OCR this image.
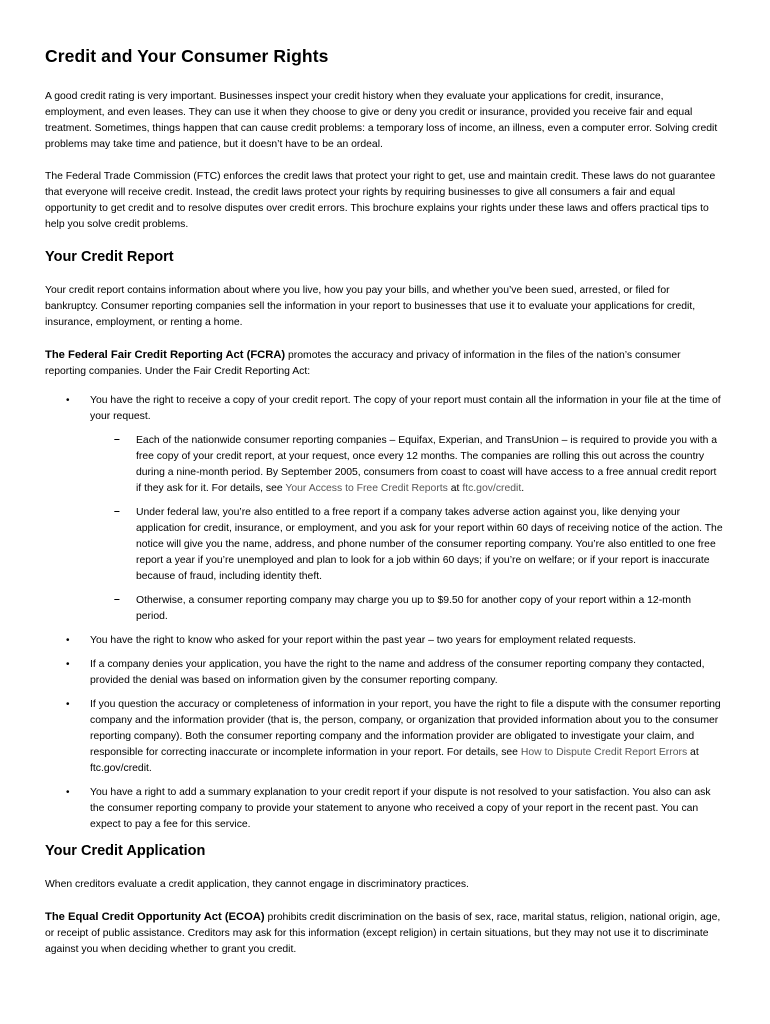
Credit and Your Consumer Rights

A good credit rating is very important. Businesses inspect your credit history when they evaluate your applications for credit, insurance, employment, and even leases. They can use it when they choose to give or deny you credit or insurance, provided you receive fair and equal treatment. Sometimes, things happen that can cause credit problems: a temporary loss of income, an illness, even a computer error. Solving credit problems may take time and patience, but it doesn’t have to be an ordeal.

The Federal Trade Commission (FTC) enforces the credit laws that protect your right to get, use and maintain credit. These laws do not guarantee that everyone will receive credit. Instead, the credit laws protect your rights by requiring businesses to give all consumers a fair and equal opportunity to get credit and to resolve disputes over credit errors. This brochure explains your rights under these laws and offers practical tips to help you solve credit problems.

Your Credit Report

Your credit report contains information about where you live, how you pay your bills, and whether you’ve been sued, arrested, or filed for bankruptcy. Consumer reporting companies sell the information in your report to businesses that use it to evaluate your applications for credit, insurance, employment, or renting a home.

The Federal Fair Credit Reporting Act (FCRA) promotes the accuracy and privacy of information in the files of the nation’s consumer reporting companies. Under the Fair Credit Reporting Act:

• You have the right to receive a copy of your credit report. The copy of your report must contain all the information in your file at the time of your request.
– Each of the nationwide consumer reporting companies – Equifax, Experian, and TransUnion – is required to provide you with a free copy of your credit report, at your request, once every 12 months. The companies are rolling this out across the country during a nine-month period. By September 2005, consumers from coast to coast will have access to a free annual credit report if they ask for it. For details, see Your Access to Free Credit Reports at ftc.gov/credit.
– Under federal law, you’re also entitled to a free report if a company takes adverse action against you, like denying your application for credit, insurance, or employment, and you ask for your report within 60 days of receiving notice of the action. The notice will give you the name, address, and phone number of the consumer reporting company. You’re also entitled to one free report a year if you’re unemployed and plan to look for a job within 60 days; if you’re on welfare; or if your report is inaccurate because of fraud, including identity theft.
– Otherwise, a consumer reporting company may charge you up to $9.50 for another copy of your report within a 12-month period.
• You have the right to know who asked for your report within the past year – two years for employment related requests.
• If a company denies your application, you have the right to the name and address of the consumer reporting company they contacted, provided the denial was based on information given by the consumer reporting company.
• If you question the accuracy or completeness of information in your report, you have the right to file a dispute with the consumer reporting company and the information provider (that is, the person, company, or organization that provided information about you to the consumer reporting company). Both the consumer reporting company and the information provider are obligated to investigate your claim, and responsible for correcting inaccurate or incomplete information in your report. For details, see How to Dispute Credit Report Errors at ftc.gov/credit.
• You have a right to add a summary explanation to your credit report if your dispute is not resolved to your satisfaction. You also can ask the consumer reporting company to provide your statement to anyone who received a copy of your report in the recent past. You can expect to pay a fee for this service.
Your Credit Application

When creditors evaluate a credit application, they cannot engage in discriminatory practices.

The Equal Credit Opportunity Act (ECOA) prohibits credit discrimination on the basis of sex, race, marital status, religion, national origin, age, or receipt of public assistance. Creditors may ask for this information (except religion) in certain situations, but they may not use it to discriminate against you when deciding whether to grant you credit.
